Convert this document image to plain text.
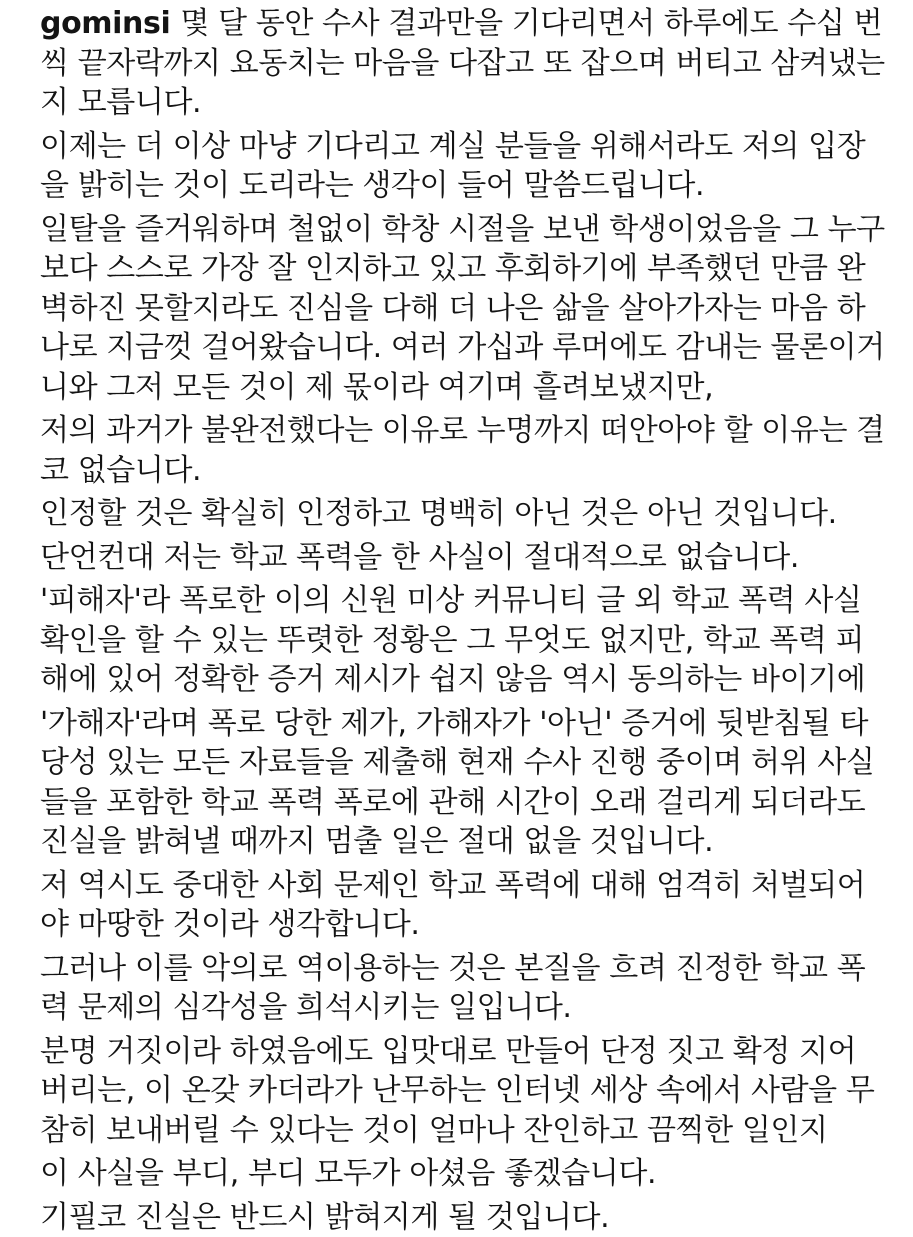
gominsi 몇 달 동안 수사 결과만을 기다리면서 하루에도 수십 번
씩 끝자락까지 요동치는 마음을 다잡고 또 잡으며 버티고 삼켜냈는
지 모릅니다.
이제는 더 이상 마냥 기다리고 계실 분들을 위해서라도 저의 입장
을 밝히는 것이 도리라는 생각이 들어 말씀드립니다.
일탈을 즐거워하며 철없이 학창 시절을 보낸 학생이었음을 그 누구
보다 스스로 가장 잘 인지하고 있고 후회하기에 부족했던 만큼 완
벽하진 못할지라도 진심을 다해 더 나은 삶을 살아가자는 마음 하
나로 지금껏 걸어왔습니다. 여러 가십과 루머에도 감내는 물론이거
니와 그저 모든 것이 제 몫이라 여기며 흘려보냈지만,
저의 과거가 불완전했다는 이유로 누명까지 떠안아야 할 이유는 결
코 없습니다.
인정할 것은 확실히 인정하고 명백히 아닌 것은 아닌 것입니다.
단언컨대 저는 학교 폭력을 한 사실이 절대적으로 없습니다.
'피해자'라 폭로한 이의 신원 미상 커뮤니티 글 외 학교 폭력 사실
확인을 할 수 있는 뚜렷한 정황은 그 무엇도 없지만, 학교 폭력 피
해에 있어 정확한 증거 제시가 쉽지 않음 역시 동의하는 바이기에
'가해자'라며 폭로 당한 제가, 가해자가 '아닌' 증거에 뒷받침될 타
당성 있는 모든 자료들을 제출해 현재 수사 진행 중이며 허위 사실
들을 포함한 학교 폭력 폭로에 관해 시간이 오래 걸리게 되더라도
진실을 밝혀낼 때까지 멈출 일은 절대 없을 것입니다.
저 역시도 중대한 사회 문제인 학교 폭력에 대해 엄격히 처벌되어
야 마땅한 것이라 생각합니다.
그러나 이를 악의로 역이용하는 것은 본질을 흐려 진정한 학교 폭
력 문제의 심각성을 희석시키는 일입니다.
분명 거짓이라 하였음에도 입맛대로 만들어 단정 짓고 확정 지어
버리는, 이 온갖 카더라가 난무하는 인터넷 세상 속에서 사람을 무
참히 보내버릴 수 있다는 것이 얼마나 잔인하고 끔찍한 일인지
이 사실을 부디, 부디 모두가 아셨음 좋겠습니다.
기필코 진실은 반드시 밝혀지게 될 것입니다.
